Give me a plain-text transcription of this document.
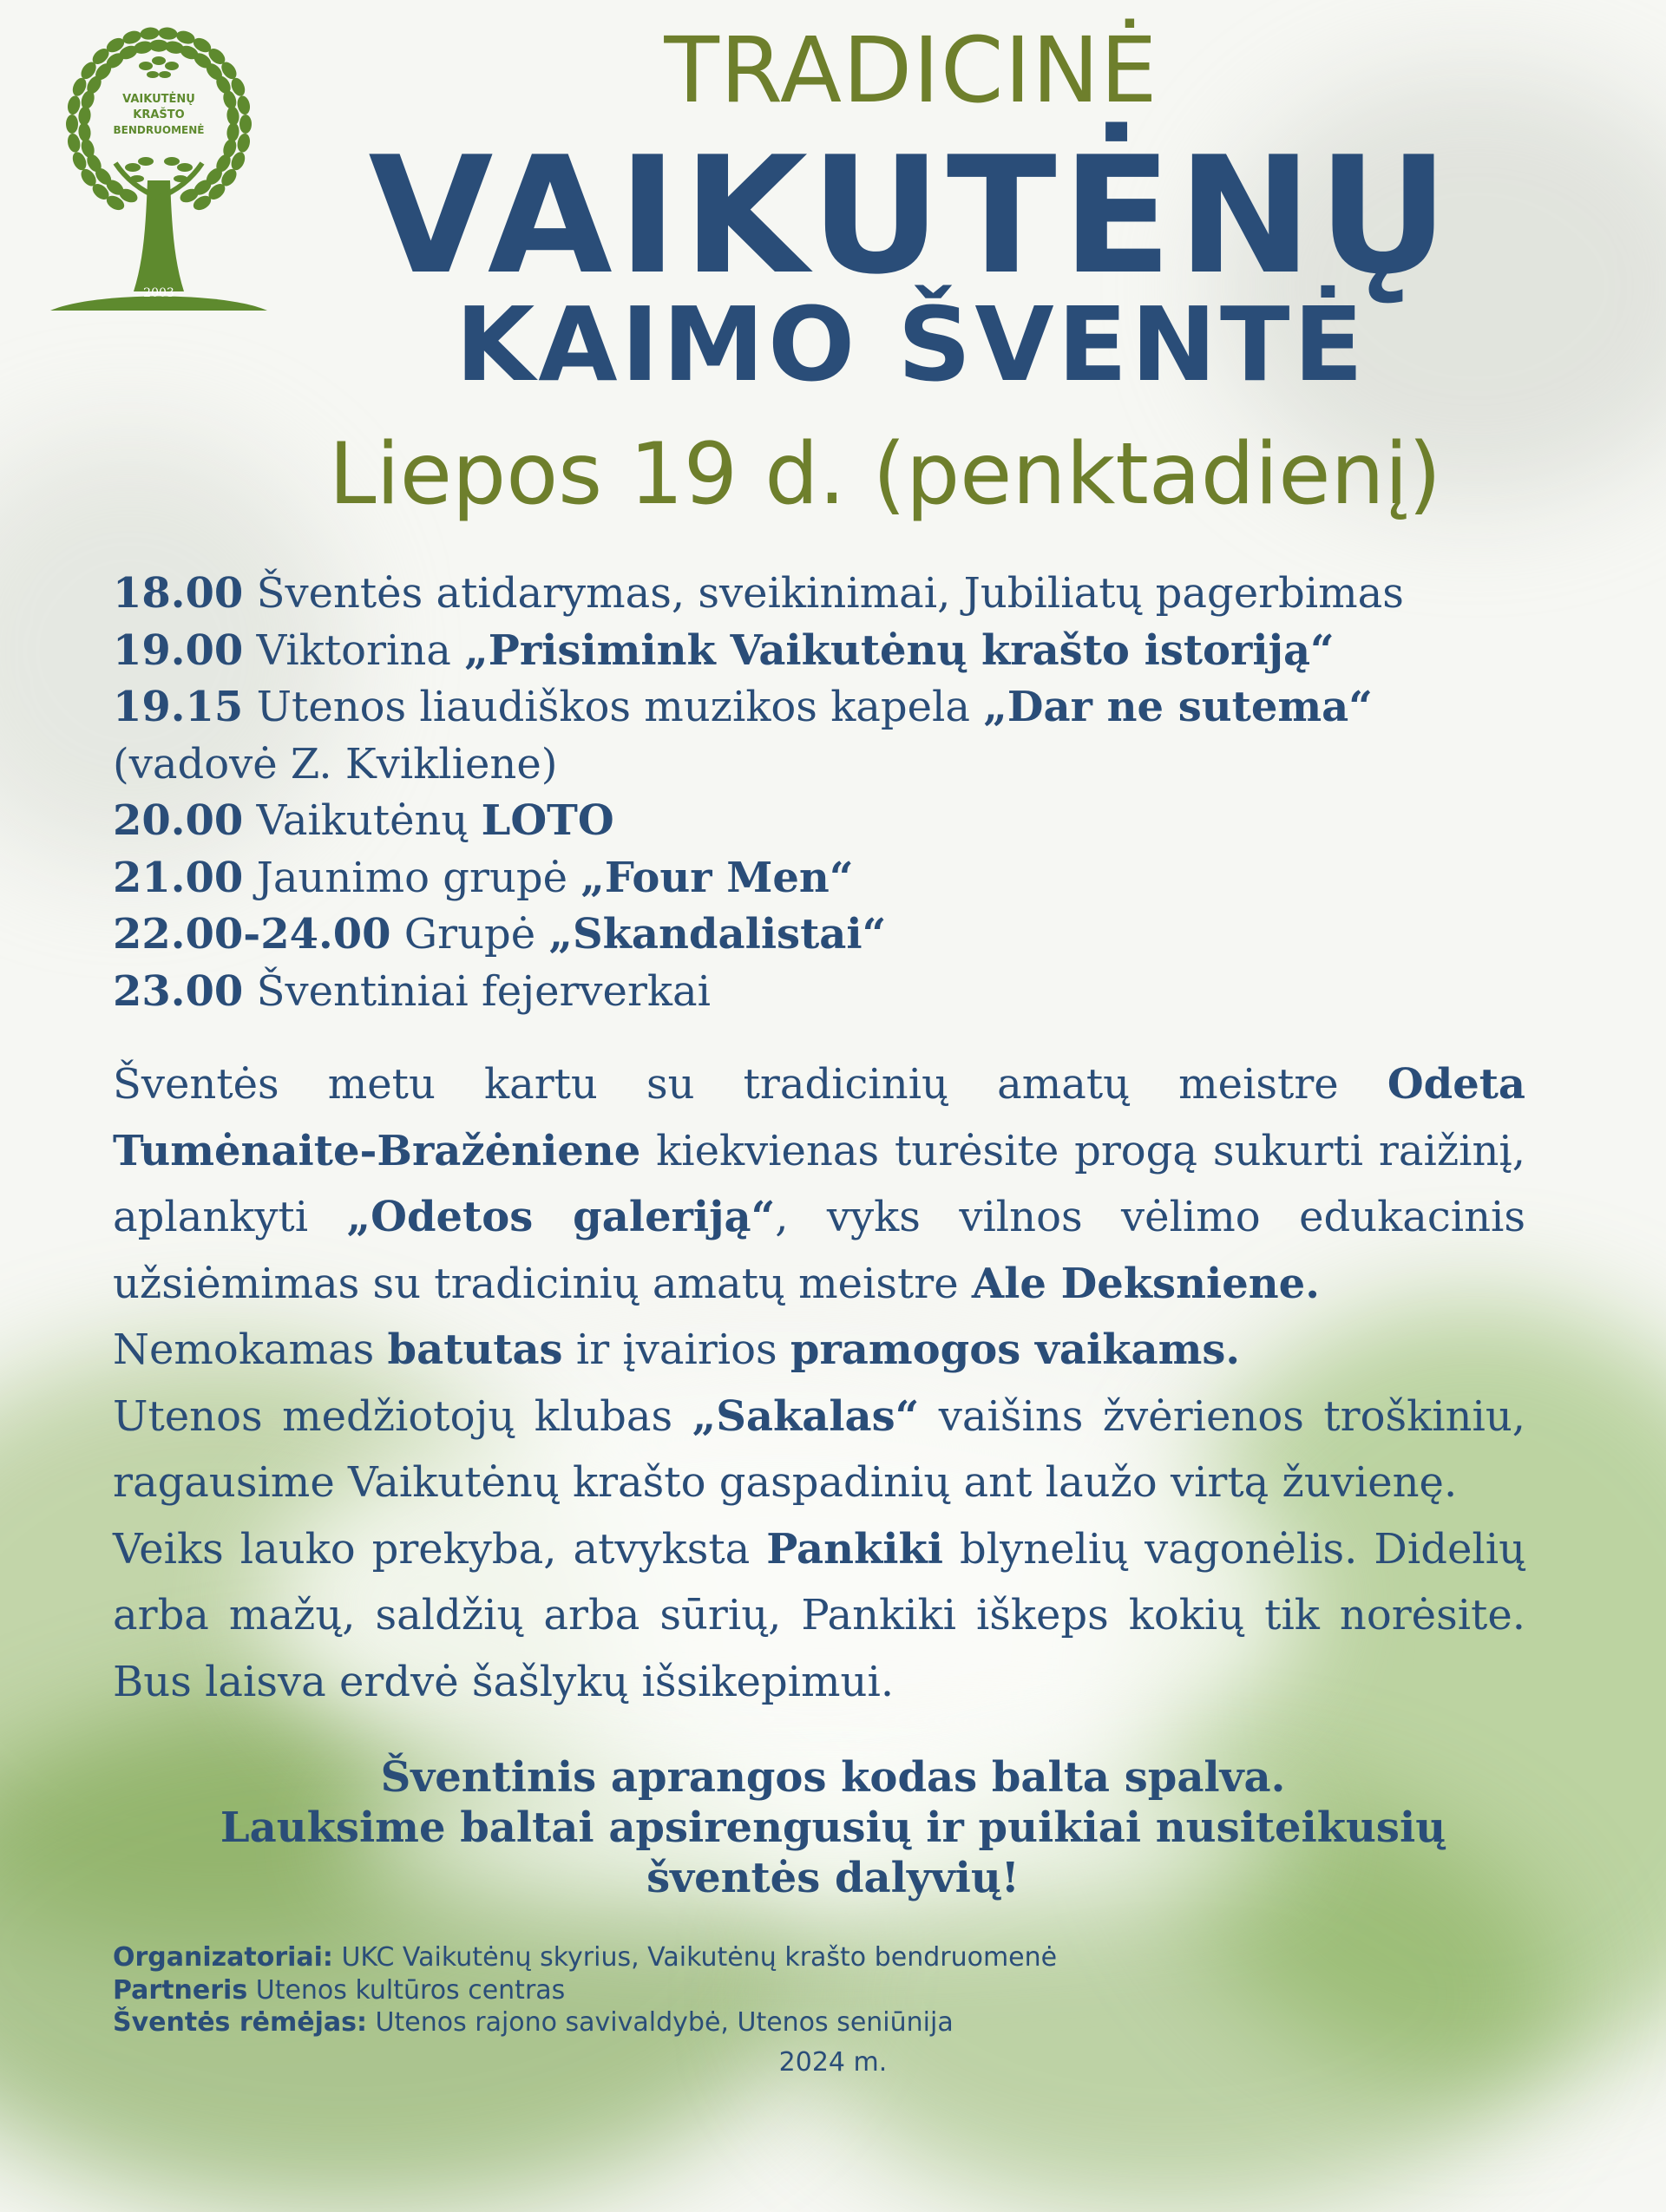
VAIKUTĖNŲ
KRAŠTO
BENDRUOMENĖ
2003
TRADICINĖ
VAIKUTĖNŲ
KAIMO ŠVENTĖ
Liepos 19 d. (penktadienį)
18.00 Šventės atidarymas, sveikinimai, Jubiliatų pagerbimas
19.00 Viktorina „Prisimink Vaikutėnų krašto istoriją“
19.15 Utenos liaudiškos muzikos kapela „Dar ne sutema“
(vadovė Z. Kvikliene)
20.00 Vaikutėnų LOTO
21.00 Jaunimo grupė „Four Men“
22.00-24.00 Grupė „Skandalistai“
23.00 Šventiniai fejerverkai
Šventės metu kartu su tradicinių amatų meistre Odeta Tumėnaite-Bražėniene kiekvienas turėsite progą sukurti raižinį, aplankyti „Odetos galeriją“, vyks vilnos vėlimo edukacinis užsiėmimas su tradicinių amatų meistre Ale Deksniene.
Nemokamas batutas ir įvairios pramogos vaikams.
Utenos medžiotojų klubas „Sakalas“ vaišins žvėrienos troškiniu, ragausime Vaikutėnų krašto gaspadinių ant laužo virtą žuvienę.
Veiks lauko prekyba, atvyksta Pankiki blynelių vagonėlis. Didelių arba mažų, saldžių arba sūrių, Pankiki iškeps kokių tik norėsite. Bus laisva erdvė šašlykų išsikepimui.
Šventinis aprangos kodas balta spalva.
Lauksime baltai apsirengusių ir puikiai nusiteikusių
šventės dalyvių!
Organizatoriai: UKC Vaikutėnų skyrius, Vaikutėnų krašto bendruomenė
Partneris Utenos kultūros centras
Šventės rėmėjas: Utenos rajono savivaldybė, Utenos seniūnija
2024 m.
